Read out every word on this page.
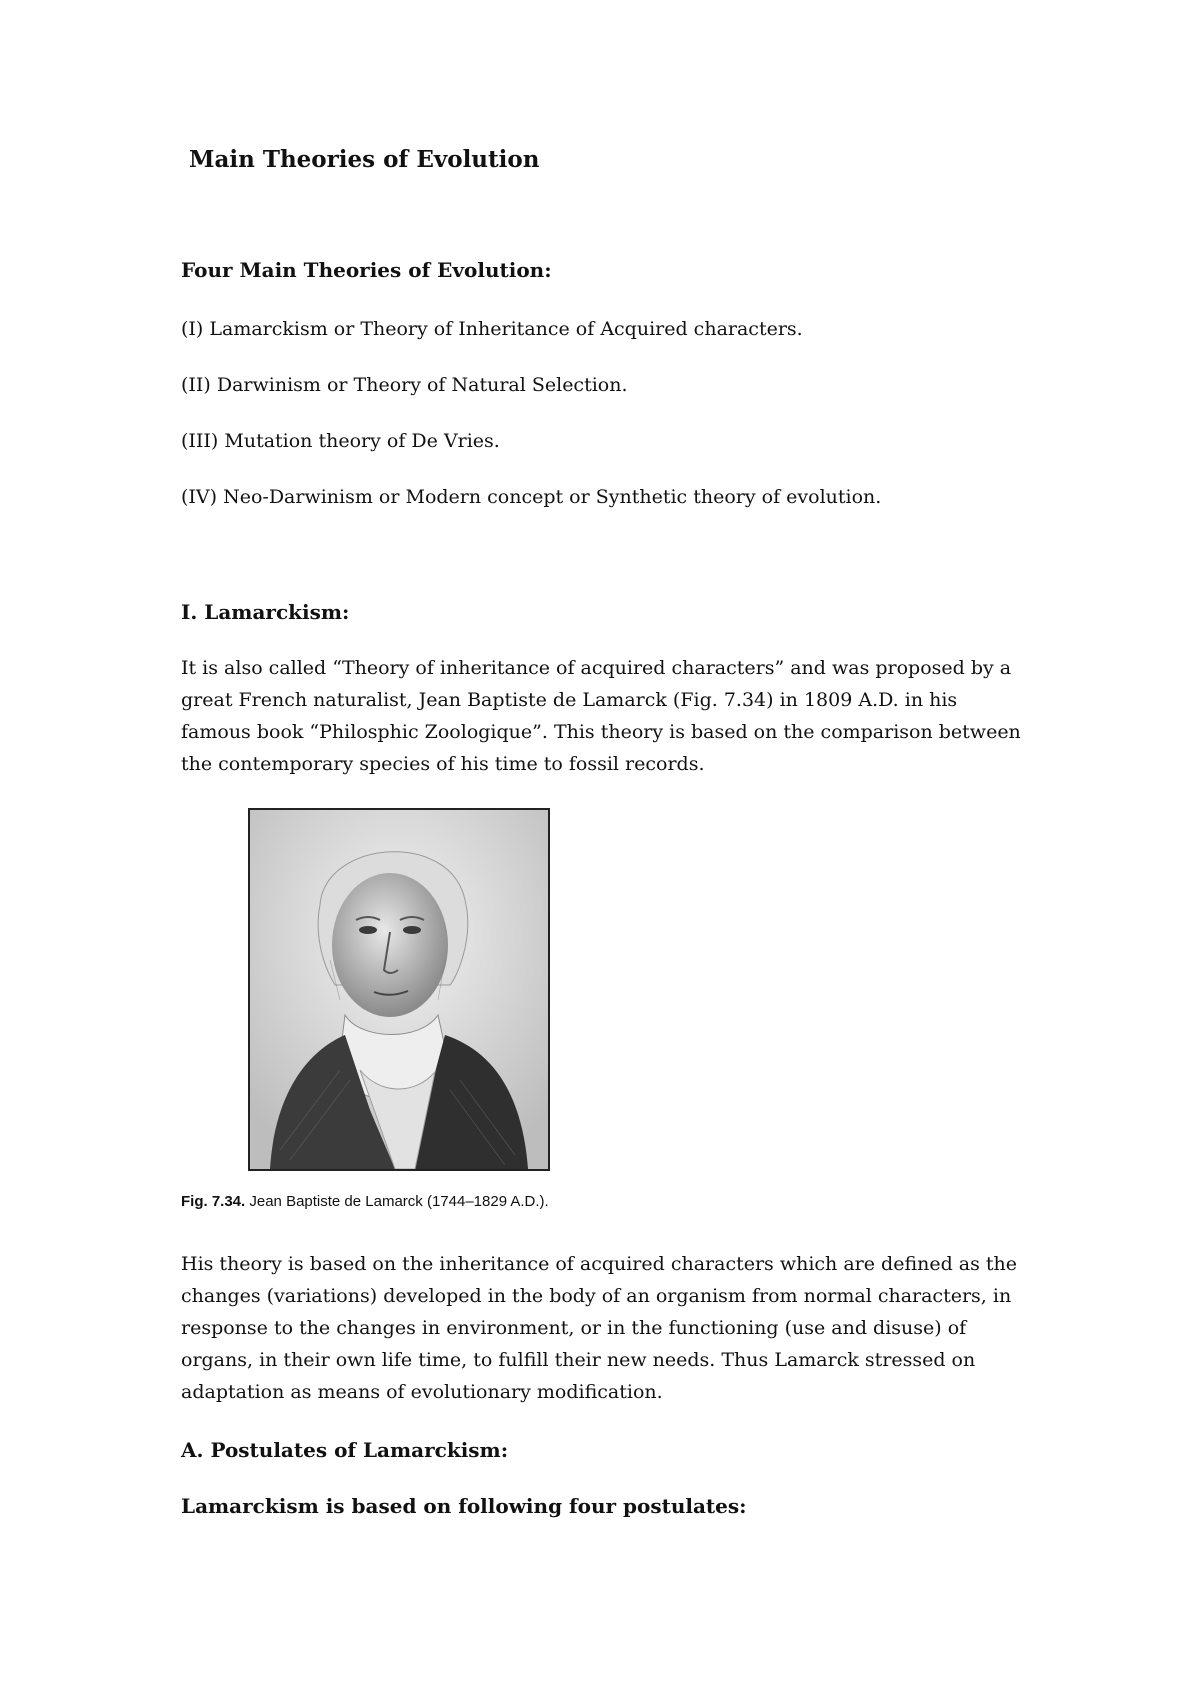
Main Theories of Evolution
Four Main Theories of Evolution:

(I) Lamarckism or Theory of Inheritance of Acquired characters.

(II) Darwinism or Theory of Natural Selection.

(III) Mutation theory of De Vries.

(IV) Neo-Darwinism or Modern concept or Synthetic theory of evolution.

I. Lamarckism:

It is also called “Theory of inheritance of acquired characters” and was proposed by a great French naturalist, Jean Baptiste de Lamarck (Fig. 7.34) in 1809 A.D. in his famous book “Philosphic Zoologique”. This theory is based on the comparison between the contemporary species of his time to fossil records.

Fig. 7.34. Jean Baptiste de Lamarck (1744–1829 A.D.).

His theory is based on the inheritance of acquired characters which are defined as the changes (variations) developed in the body of an organism from normal characters, in response to the changes in environment, or in the functioning (use and disuse) of organs, in their own life time, to fulfill their new needs. Thus Lamarck stressed on adaptation as means of evolutionary modification.

A. Postulates of Lamarckism:
Lamarckism is based on following four postulates:
